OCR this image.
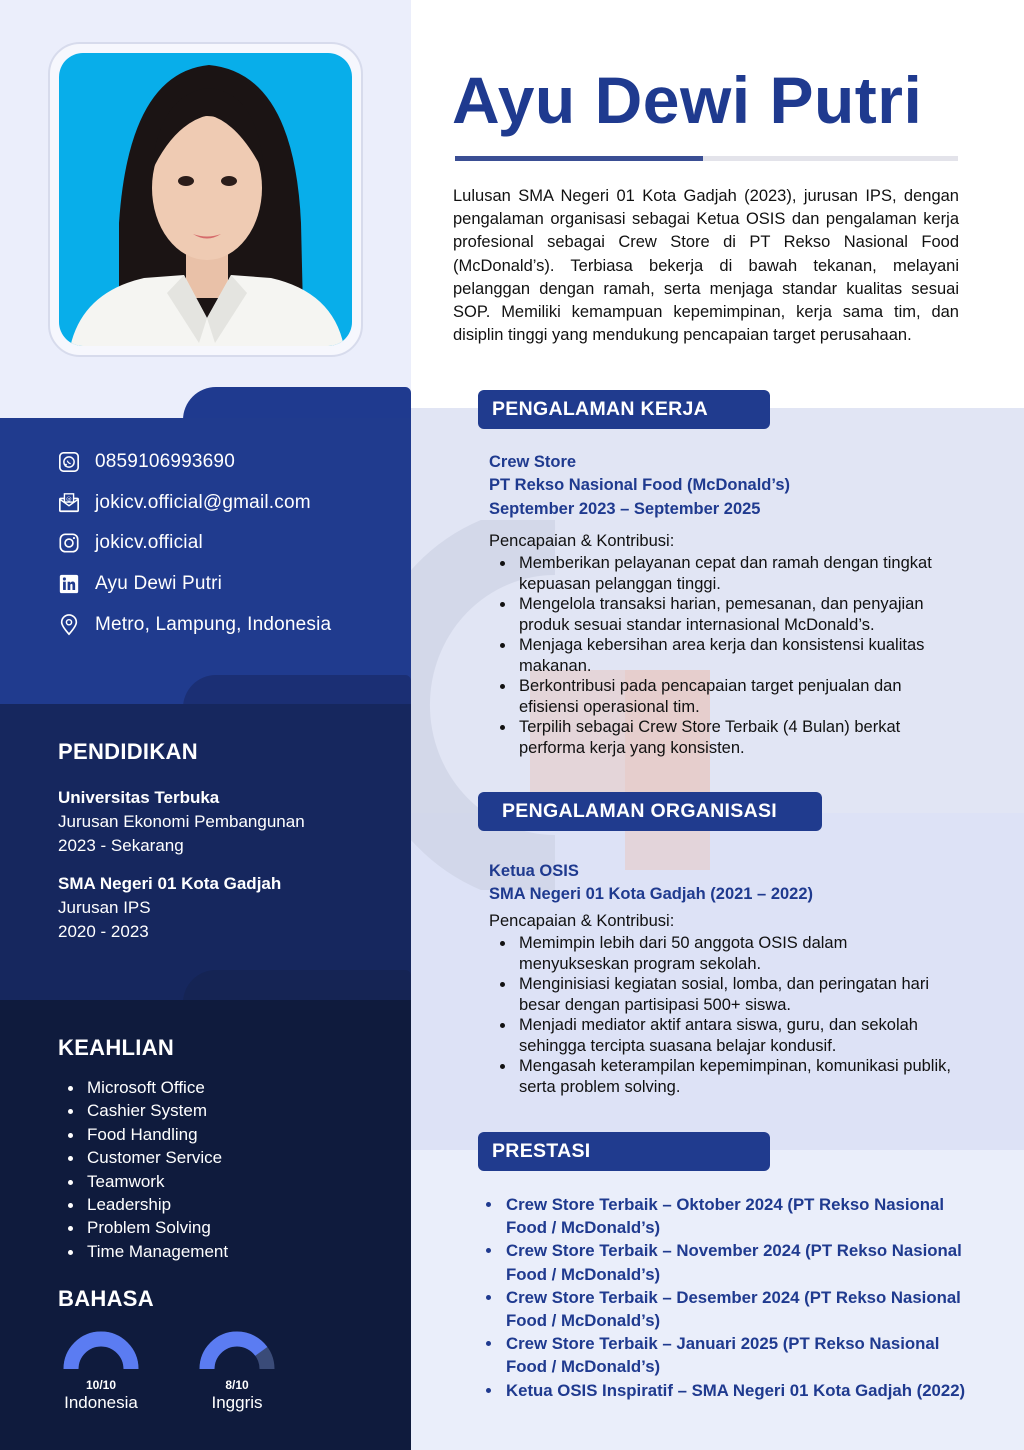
0859106993690
@ jokicv.official@gmail.com
jokicv.official
Ayu Dewi Putri
Metro, Lampung, Indonesia
PENDIDIKAN
Universitas Terbuka
Jurusan Ekonomi Pembangunan
2023 - Sekarang
SMA Negeri 01 Kota Gadjah
Jurusan IPS
2020 - 2023
KEAHLIAN
Microsoft Office
Cashier System
Food Handling
Customer Service
Teamwork
Leadership
Problem Solving
Time Management
BAHASA
10/10
Indonesia
8/10
Inggris
Ayu Dewi Putri

Lulusan SMA Negeri 01 Kota Gadjah (2023), jurusan IPS, dengan pengalaman organisasi sebagai Ketua OSIS dan pengalaman kerja profesional sebagai Crew Store di PT Rekso Nasional Food (McDonald’s). Terbiasa bekerja di bawah tekanan, melayani pelanggan dengan ramah, serta menjaga standar kualitas sesuai SOP. Memiliki kemampuan kepemimpinan, kerja sama tim, dan disiplin tinggi yang mendukung pencapaian target perusahaan.

PENGALAMAN KERJA
Crew Store
PT Rekso Nasional Food (McDonald’s)
September 2023 – September 2025
Pencapaian & Kontribusi:
Memberikan pelayanan cepat dan ramah dengan tingkat kepuasan pelanggan tinggi.
Mengelola transaksi harian, pemesanan, dan penyajian produk sesuai standar internasional McDonald’s.
Menjaga kebersihan area kerja dan konsistensi kualitas makanan.
Berkontribusi pada pencapaian target penjualan dan efisiensi operasional tim.
Terpilih sebagai Crew Store Terbaik (4 Bulan) berkat performa kerja yang konsisten.
PENGALAMAN ORGANISASI
Ketua OSIS
SMA Negeri 01 Kota Gadjah (2021 – 2022)
Pencapaian & Kontribusi:
Memimpin lebih dari 50 anggota OSIS dalam menyukseskan program sekolah.
Menginisiasi kegiatan sosial, lomba, dan peringatan hari besar dengan partisipasi 500+ siswa.
Menjadi mediator aktif antara siswa, guru, dan sekolah sehingga tercipta suasana belajar kondusif.
Mengasah keterampilan kepemimpinan, komunikasi publik, serta problem solving.
PRESTASI
Crew Store Terbaik – Oktober 2024 (PT Rekso Nasional Food / McDonald’s)
Crew Store Terbaik – November 2024 (PT Rekso Nasional Food / McDonald’s)
Crew Store Terbaik – Desember 2024 (PT Rekso Nasional Food / McDonald’s)
Crew Store Terbaik – Januari 2025 (PT Rekso Nasional Food / McDonald’s)
Ketua OSIS Inspiratif – SMA Negeri 01 Kota Gadjah (2022)
